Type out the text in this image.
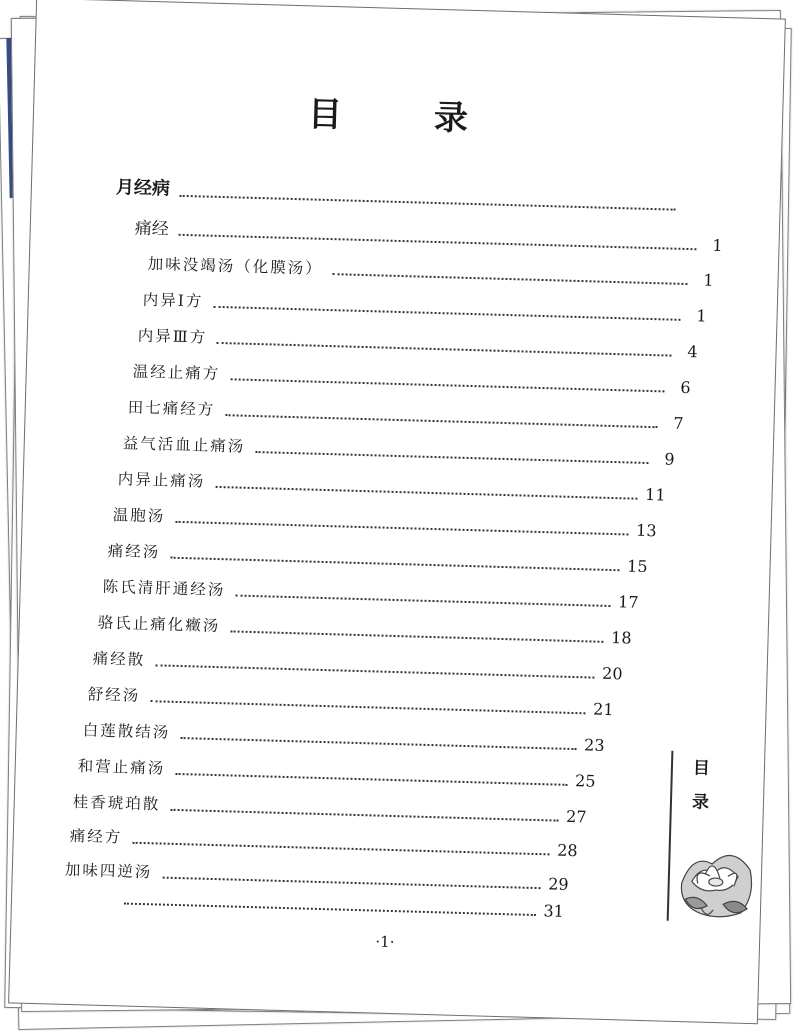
目 录
月经病
痛经
1
加味没竭汤（化膜汤）
1
内异Ⅰ方
1
内异Ⅲ方
4
温经止痛方
6
田七痛经方
7
益气活血止痛汤
9
内异止痛汤
11
温胞汤
13
痛经汤
15
陈氏清肝通经汤
17
骆氏止痛化癥汤
18
痛经散
20
舒经汤
21
白莲散结汤
23
和营止痛汤
25
桂香琥珀散
27
痛经方
28
加味四逆汤
29
31
·1·
目
录
